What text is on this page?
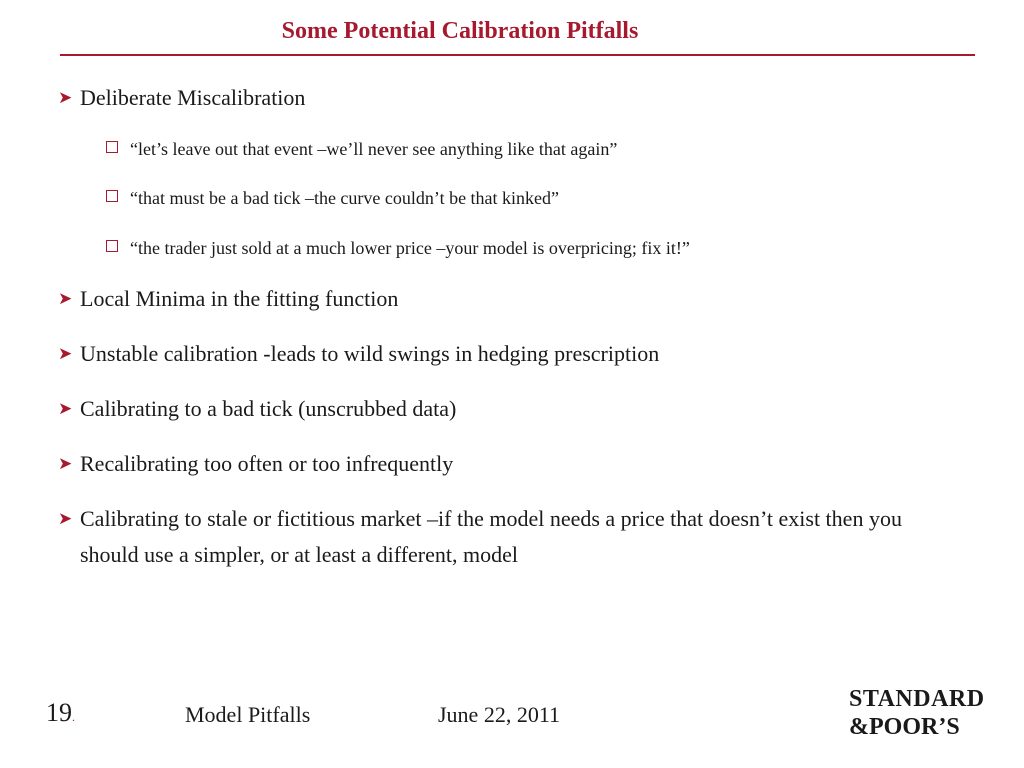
Some Potential Calibration Pitfalls
➤ Deliberate Miscalibration
“let’s leave out that event –we’ll never see anything like that again”
“that must be a bad tick –the curve couldn’t be that kinked”
“the trader just sold at a much lower price –your model is overpricing; fix it!”
➤ Local Minima in the fitting function
➤ Unstable calibration -leads to wild swings in hedging prescription
➤ Calibrating to a bad tick (unscrubbed data)
➤ Recalibrating too often or too infrequently
➤ Calibrating to stale or fictitious market –if the model needs a price that doesn’t exist then you should use a simpler, or at least a different, model
19.	Model Pitfalls	June 22, 2011
STANDARD
&POOR’S
